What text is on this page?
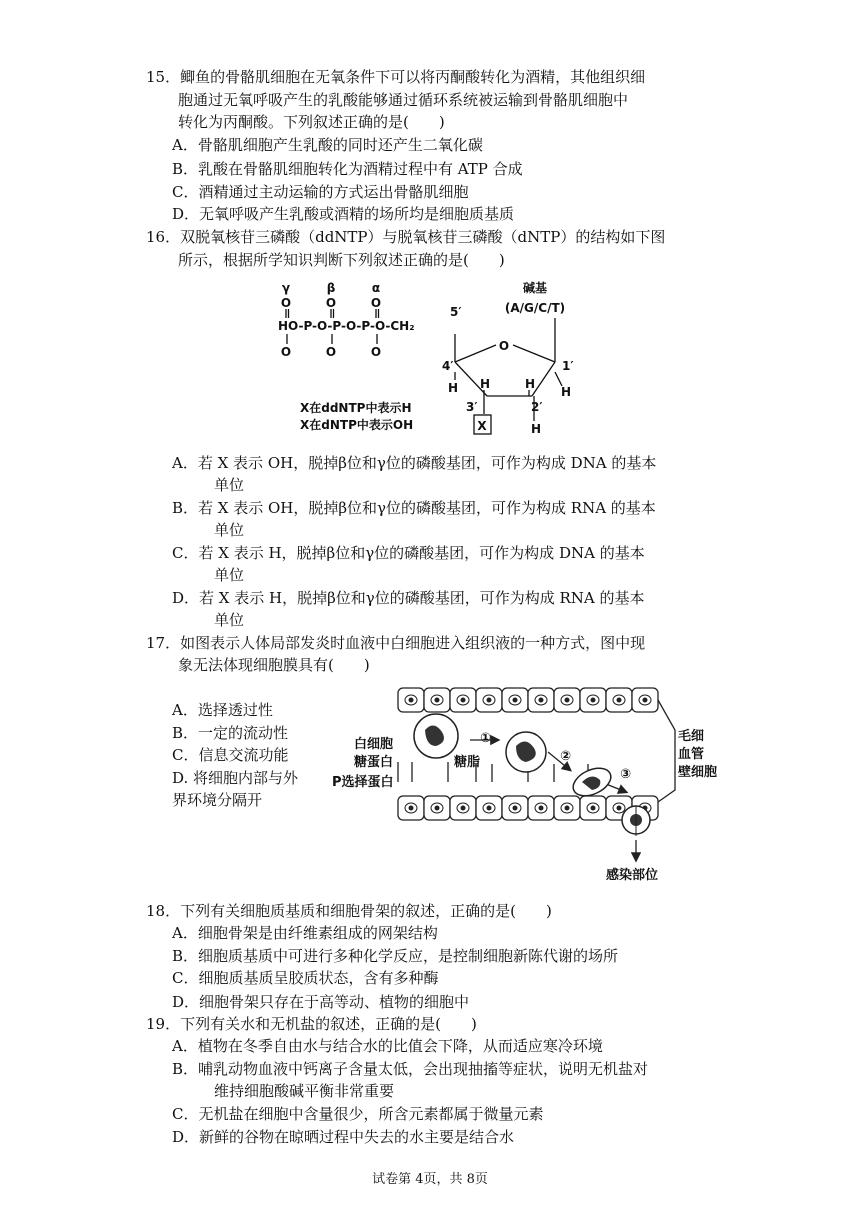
15．鲫鱼的骨骼肌细胞在无氧条件下可以将丙酮酸转化为酒精，其他组织细
胞通过无氧呼吸产生的乳酸能够通过循环系统被运输到骨骼肌细胞中
转化为丙酮酸。下列叙述正确的是(　　)
A．骨骼肌细胞产生乳酸的同时还产生二氧化碳
B．乳酸在骨骼肌细胞转化为酒精过程中有 ATP 合成
C．酒精通过主动运输的方式运出骨骼肌细胞
D．无氧呼吸产生乳酸或酒精的场所均是细胞质基质
16．双脱氧核苷三磷酸（ddNTP）与脱氧核苷三磷酸（dNTP）的结构如下图
所示，根据所学知识判断下列叙述正确的是(　　)
γ	β	α
O	O	O
HO-P-O-P-O-P-O-CH₂
O	O	O
5′
碱基
(A/G/C/T)
O
4′	1′
H H	H
H
3′	2′
X	H
X在ddNTP中表示H
X在dNTP中表示OH
A．若 X 表示 OH，脱掉β位和γ位的磷酸基团，可作为构成 DNA 的基本
单位
B．若 X 表示 OH，脱掉β位和γ位的磷酸基团，可作为构成 RNA 的基本
单位
C．若 X 表示 H，脱掉β位和γ位的磷酸基团，可作为构成 DNA 的基本
单位
D．若 X 表示 H，脱掉β位和γ位的磷酸基团，可作为构成 RNA 的基本
单位
17．如图表示人体局部发炎时血液中白细胞进入组织液的一种方式，图中现
象无法体现细胞膜具有(　　)
A．选择透过性
B．一定的流动性
C．信息交流功能
D. 将细胞内部与外
界环境分隔开
白细胞
糖蛋白	糖脂
P选择蛋白
毛细
血管
壁细胞
感染部位
①
②
③
18．下列有关细胞质基质和细胞骨架的叙述，正确的是(　　)
A．细胞骨架是由纤维素组成的网架结构
B．细胞质基质中可进行多种化学反应，是控制细胞新陈代谢的场所
C．细胞质基质呈胶质状态，含有多种酶
D．细胞骨架只存在于高等动、植物的细胞中
19．下列有关水和无机盐的叙述，正确的是(　　)
A．植物在冬季自由水与结合水的比值会下降，从而适应寒冷环境
B．哺乳动物血液中钙离子含量太低，会出现抽搐等症状，说明无机盐对
维持细胞酸碱平衡非常重要
C．无机盐在细胞中含量很少，所含元素都属于微量元素
D．新鲜的谷物在晾晒过程中失去的水主要是结合水
试卷第 4页，共 8页
